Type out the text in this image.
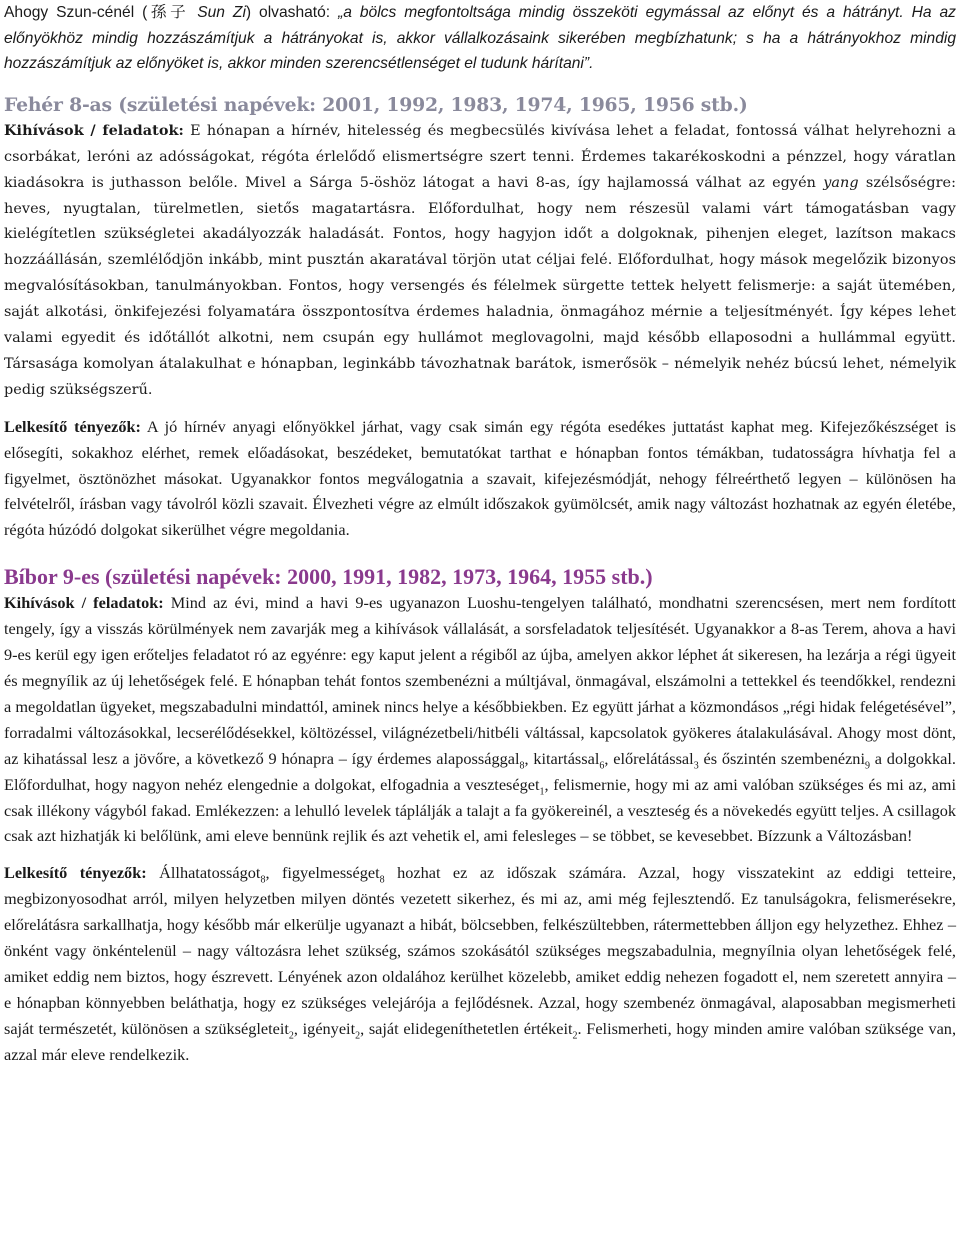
Ahogy Szun-cénél (孫子 Sun Zi) olvasható: „a bölcs megfontoltsága mindig összeköti egymással az előnyt és a hátrányt. Ha az előnyökhöz mindig hozzászámítjuk a hátrányokat is, akkor vállalkozásaink sikerében megbízhatunk; s ha a hátrányokhoz mindig hozzászámítjuk az előnyöket is, akkor minden szerencsétlenséget el tudunk hárítani”.

Fehér 8-as (születési napévek: 2001, 1992, 1983, 1974, 1965, 1956 stb.)

Kihívások / feladatok: E hónapan a hírnév, hitelesség és megbecsülés kivívása lehet a feladat, fontossá válhat helyrehozni a csorbákat, leróni az adósságokat, régóta érlelődő elismertségre szert tenni. Érdemes takarékoskodni a pénzzel, hogy váratlan kiadásokra is juthasson belőle. Mivel a Sárga 5-öshöz látogat a havi 8-as, így hajlamossá válhat az egyén yang szélsőségre: heves, nyugtalan, türelmetlen, sietős magatartásra. Előfordulhat, hogy nem részesül valami várt támogatásban vagy kielégítetlen szükségletei akadályozzák haladását. Fontos, hogy hagyjon időt a dolgoknak, pihenjen eleget, lazítson makacs hozzáállásán, szemlélődjön inkább, mint pusztán akaratával törjön utat céljai felé. Előfordulhat, hogy mások megelőzik bizonyos megvalósításokban, tanulmányokban. Fontos, hogy versengés és félelmek sürgette tettek helyett felismerje: a saját ütemében, saját alkotási, önkifejezési folyamatára összpontosítva érdemes haladnia, önmagához mérnie a teljesítményét. Így képes lehet valami egyedit és időtállót alkotni, nem csupán egy hullámot meglovagolni, majd később ellaposodni a hullámmal együtt. Társasága komolyan átalakulhat e hónapban, leginkább távozhatnak barátok, ismerősök – némelyik nehéz búcsú lehet, némelyik pedig szükségszerű.

Lelkesítő tényezők: A jó hírnév anyagi előnyökkel járhat, vagy csak simán egy régóta esedékes juttatást kaphat meg. Kifejezőkészséget is elősegíti, sokakhoz elérhet, remek előadásokat, beszédeket, bemutatókat tarthat e hónapban fontos témákban, tudatosságra hívhatja fel a figyelmet, ösztönözhet másokat. Ugyanakkor fontos megválogatnia a szavait, kifejezésmódját, nehogy félreérthető legyen – különösen ha felvételről, írásban vagy távolról közli szavait. Élvezheti végre az elmúlt időszakok gyümölcsét, amik nagy változást hozhatnak az egyén életébe, régóta húzódó dolgokat sikerülhet végre megoldania.

Bíbor 9-es (születési napévek: 2000, 1991, 1982, 1973, 1964, 1955 stb.)

Kihívások / feladatok: Mind az évi, mind a havi 9-es ugyanazon Luoshu-tengelyen található, mondhatni szerencsésen, mert nem fordított tengely, így a visszás körülmények nem zavarják meg a kihívások vállalását, a sorsfeladatok teljesítését. Ugyanakkor a 8-as Terem, ahova a havi 9-es kerül egy igen erőteljes feladatot ró az egyénre: egy kaput jelent a régiből az újba, amelyen akkor léphet át sikeresen, ha lezárja a régi ügyeit és megnyílik az új lehetőségek felé. E hónapban tehát fontos szembenézni a múltjával, önmagával, elszámolni a tettekkel és teendőkkel, rendezni a megoldatlan ügyeket, megszabadulni mindattól, aminek nincs helye a későbbiekben. Ez együtt járhat a közmondásos „régi hidak felégetésével”, forradalmi változásokkal, lecserélődésekkel, költözéssel, világnézetbeli/hitbéli váltással, kapcsolatok gyökeres átalakulásával. Ahogy most dönt, az kihatással lesz a jövőre, a következő 9 hónapra – így érdemes alapossággal$_8$, kitartással$_6$, előrelátással$_3$ és őszintén szembenézni$_9$ a dolgokkal. Előfordulhat, hogy nagyon nehéz elengednie a dolgokat, elfogadnia a veszteséget$_1$, felismernie, hogy mi az ami valóban szükséges és mi az, ami csak illékony vágyból fakad. Emlékezzen: a lehulló levelek táplálják a talajt a fa gyökereinél, a veszteség és a növekedés együtt teljes. A csillagok csak azt hizhatják ki belőlünk, ami eleve bennünk rejlik és azt vehetik el, ami felesleges – se többet, se kevesebbet. Bízzunk a Változásban!

Lelkesítő tényezők: Állhatatosságot$_8$, figyelmességet$_8$ hozhat ez az időszak számára. Azzal, hogy visszatekint az eddigi tetteire, megbizonyosodhat arról, milyen helyzetben milyen döntés vezetett sikerhez, és mi az, ami még fejlesztendő. Ez tanulságokra, felismerésekre, előrelátásra sarkallhatja, hogy később már elkerülje ugyanazt a hibát, bölcsebben, felkészültebben, rátermettebben álljon egy helyzethez. Ehhez – önként vagy önkéntelenül – nagy változásra lehet szükség, számos szokásától szükséges megszabadulnia, megnyílnia olyan lehetőségek felé, amiket eddig nem biztos, hogy észrevett. Lényének azon oldalához kerülhet közelebb, amiket eddig nehezen fogadott el, nem szeretett annyira – e hónapban könnyebben beláthatja, hogy ez szükséges velejárója a fejlődésnek. Azzal, hogy szembenéz önmagával, alaposabban megismerheti saját természetét, különösen a szükségleteit$_2$, igényeit$_2$, saját elidegeníthetetlen értékeit$_2$. Felismerheti, hogy minden amire valóban szüksége van, azzal már eleve rendelkezik.
